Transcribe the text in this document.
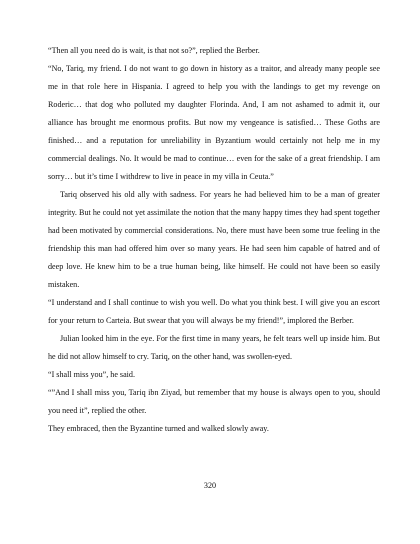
“Then all you need do is wait, is that not so?”, replied the Berber.

“No, Tariq, my friend. I do not want to go down in history as a traitor, and already many people see me in that role here in Hispania. I agreed to help you with the landings to get my revenge on Roderic… that dog who polluted my daughter Florinda. And, I am not ashamed to admit it, our alliance has brought me enormous profits. But now my vengeance is satisfied… These Goths are finished… and a reputation for unreliability in Byzantium would certainly not help me in my commercial dealings. No. It would be mad to continue… even for the sake of a great friendship. I am sorry… but it’s time I withdrew to live in peace in my villa in Ceuta.”

Tariq observed his old ally with sadness. For years he had believed him to be a man of greater integrity. But he could not yet assimilate the notion that the many happy times they had spent together had been motivated by commercial considerations. No, there must have been some true feeling in the friendship this man had offered him over so many years. He had seen him capable of hatred and of deep love. He knew him to be a true human being, like himself. He could not have been so easily mistaken.

“I understand and I shall continue to wish you well. Do what you think best. I will give you an escort for your return to Carteia. But swear that you will always be my friend!”, implored the Berber.

Julian looked him in the eye. For the first time in many years, he felt tears well up inside him. But he did not allow himself to cry. Tariq, on the other hand, was swollen-eyed.

“I shall miss you”, he said.

“”And I shall miss you, Tariq ibn Ziyad, but remember that my house is always open to you, should you need it”, replied the other.

They embraced, then the Byzantine turned and walked slowly away.

320
